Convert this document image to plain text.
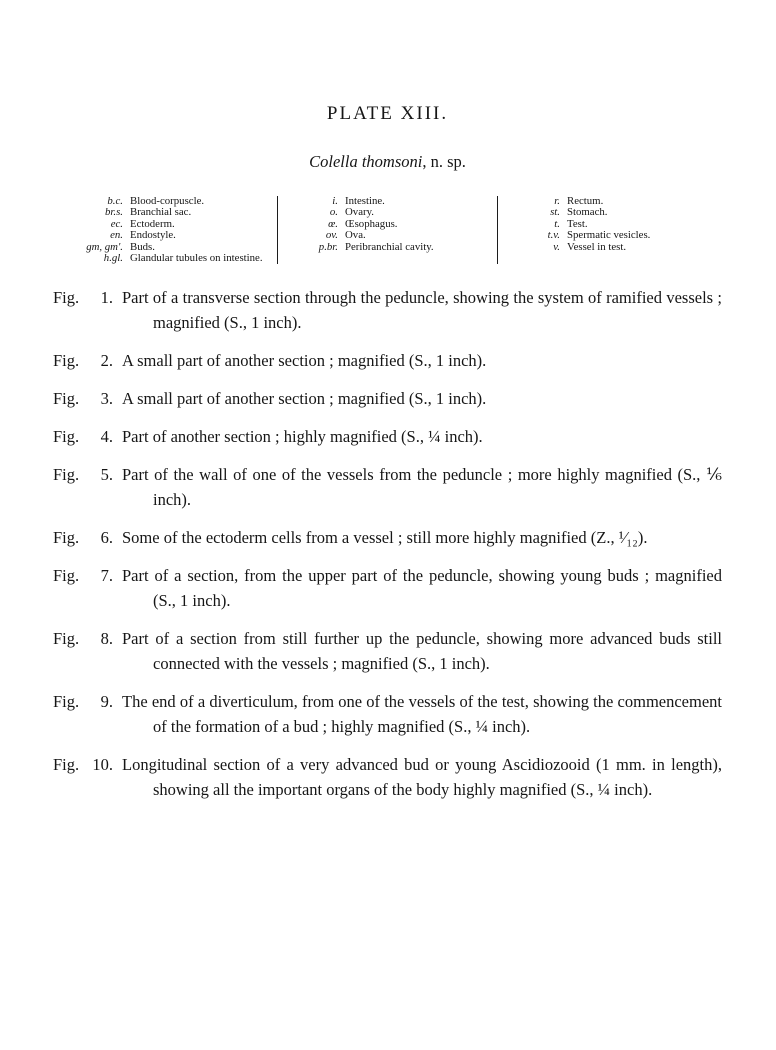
PLATE XIII.
Colella thomsoni, n. sp.
b.c. Blood-corpuscle.
br.s. Branchial sac.
ec. Ectoderm.
en. Endostyle.
gm, gm'. Buds.
h.gl. Glandular tubules on intestine.
i. Intestine.
o. Ovary.
œ. Œsophagus.
ov. Ova.
p.br. Peribranchial cavity.
r. Rectum.
st. Stomach.
t. Test.
t.v. Spermatic vesicles.
v. Vessel in test.
Fig.	1. Part of a transverse section through the peduncle, showing the system of ramified vessels ; magnified (S., 1 inch).
Fig.	2. A small part of another section ; magnified (S., 1 inch).
Fig.	3. A small part of another section ; magnified (S., 1 inch).
Fig.	4. Part of another section ; highly magnified (S., ¼ inch).
Fig.	5. Part of the wall of one of the vessels from the peduncle ; more highly magnified (S., ⅙ inch).
Fig.	6. Some of the ectoderm cells from a vessel ; still more highly magnified (Z., ¹⁄₁₂).
Fig.	7. Part of a section, from the upper part of the peduncle, showing young buds ; magnified (S., 1 inch).
Fig.	8. Part of a section from still further up the peduncle, showing more advanced buds still connected with the vessels ; magnified (S., 1 inch).
Fig.	9. The end of a diverticulum, from one of the vessels of the test, showing the commencement of the formation of a bud ; highly magnified (S., ¼ inch).
Fig. 10. Longitudinal section of a very advanced bud or young Ascidiozooid (1 mm. in length), showing all the important organs of the body highly magnified (S., ¼ inch).
